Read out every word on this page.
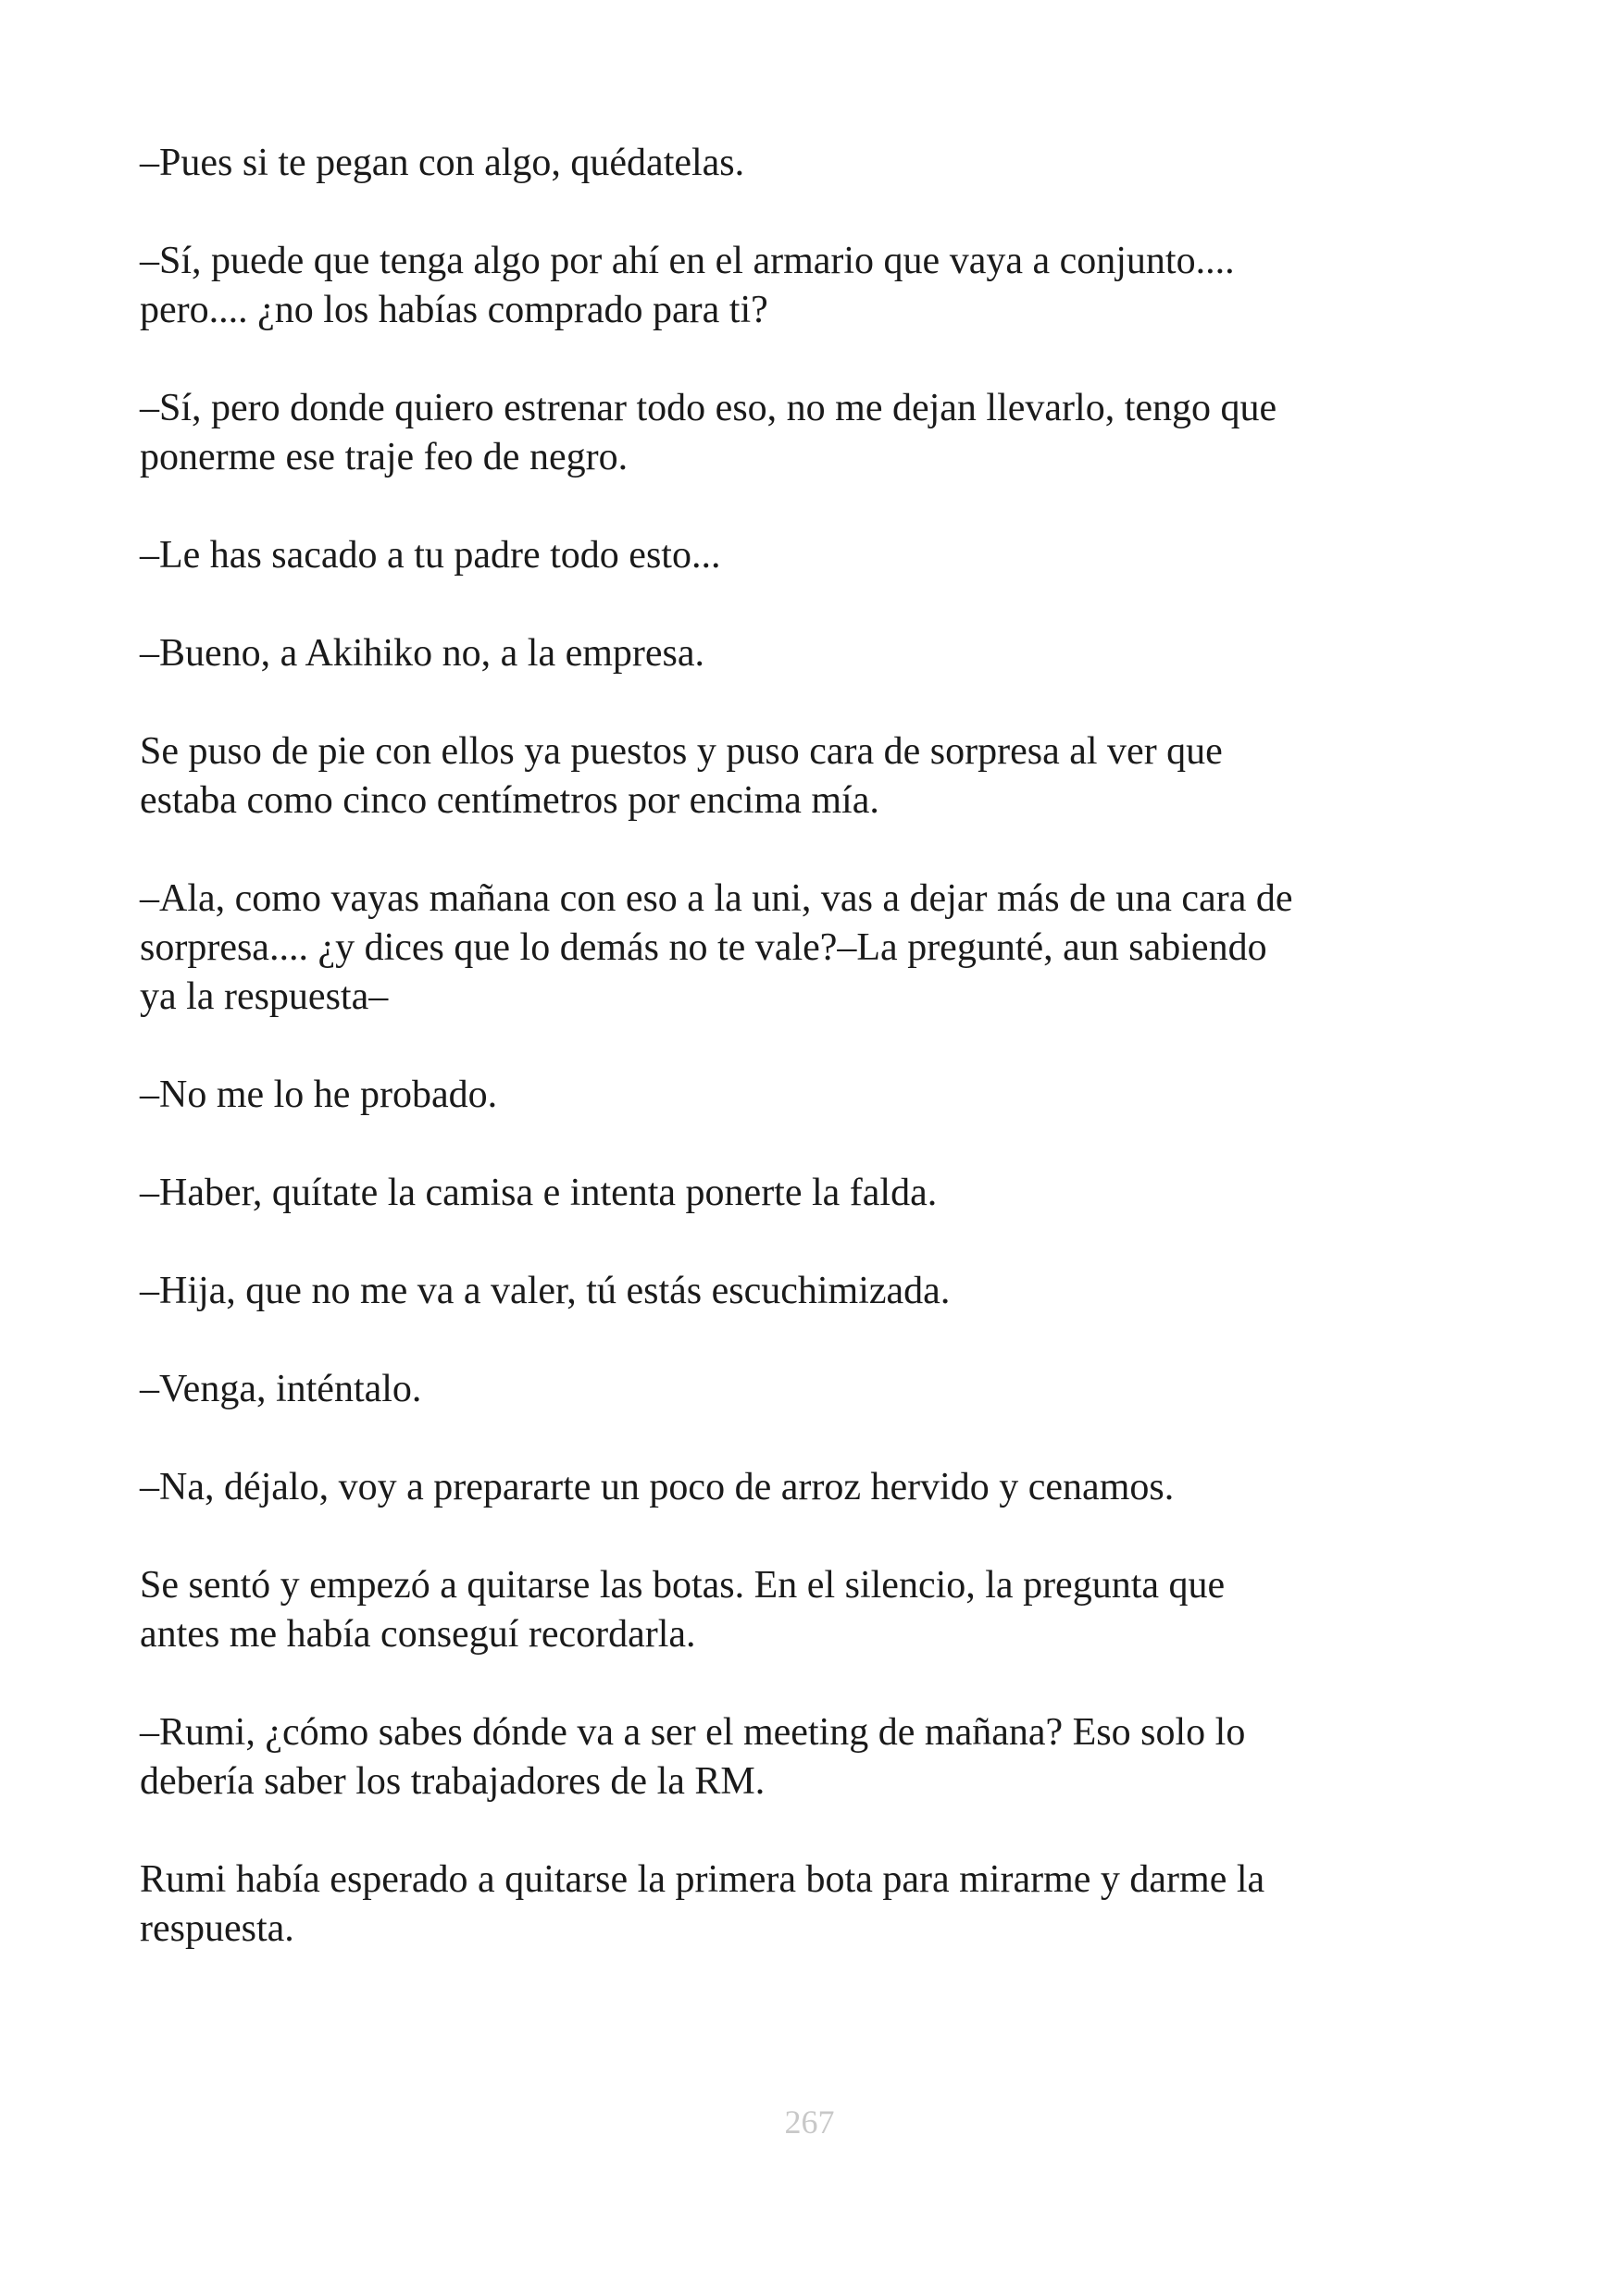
–Pues si te pegan con algo, quédatelas.

–Sí, puede que tenga algo por ahí en el armario que vaya a conjunto....
pero.... ¿no los habías comprado para ti?

–Sí, pero donde quiero estrenar todo eso, no me dejan llevarlo, tengo que
ponerme ese traje feo de negro.

–Le has sacado a tu padre todo esto...

–Bueno, a Akihiko no, a la empresa.

Se puso de pie con ellos ya puestos y puso cara de sorpresa al ver que
estaba como cinco centímetros por encima mía.

–Ala, como vayas mañana con eso a la uni, vas a dejar más de una cara de
sorpresa.... ¿y dices que lo demás no te vale?–La pregunté, aun sabiendo
ya la respuesta–

–No me lo he probado.

–Haber, quítate la camisa e intenta ponerte la falda.

–Hija, que no me va a valer, tú estás escuchimizada.

–Venga, inténtalo.

–Na, déjalo, voy a prepararte un poco de arroz hervido y cenamos.

Se sentó y empezó a quitarse las botas. En el silencio, la pregunta que
antes me había conseguí recordarla.

–Rumi, ¿cómo sabes dónde va a ser el meeting de mañana? Eso solo lo
debería saber los trabajadores de la RM.

Rumi había esperado a quitarse la primera bota para mirarme y darme la
respuesta.

267
